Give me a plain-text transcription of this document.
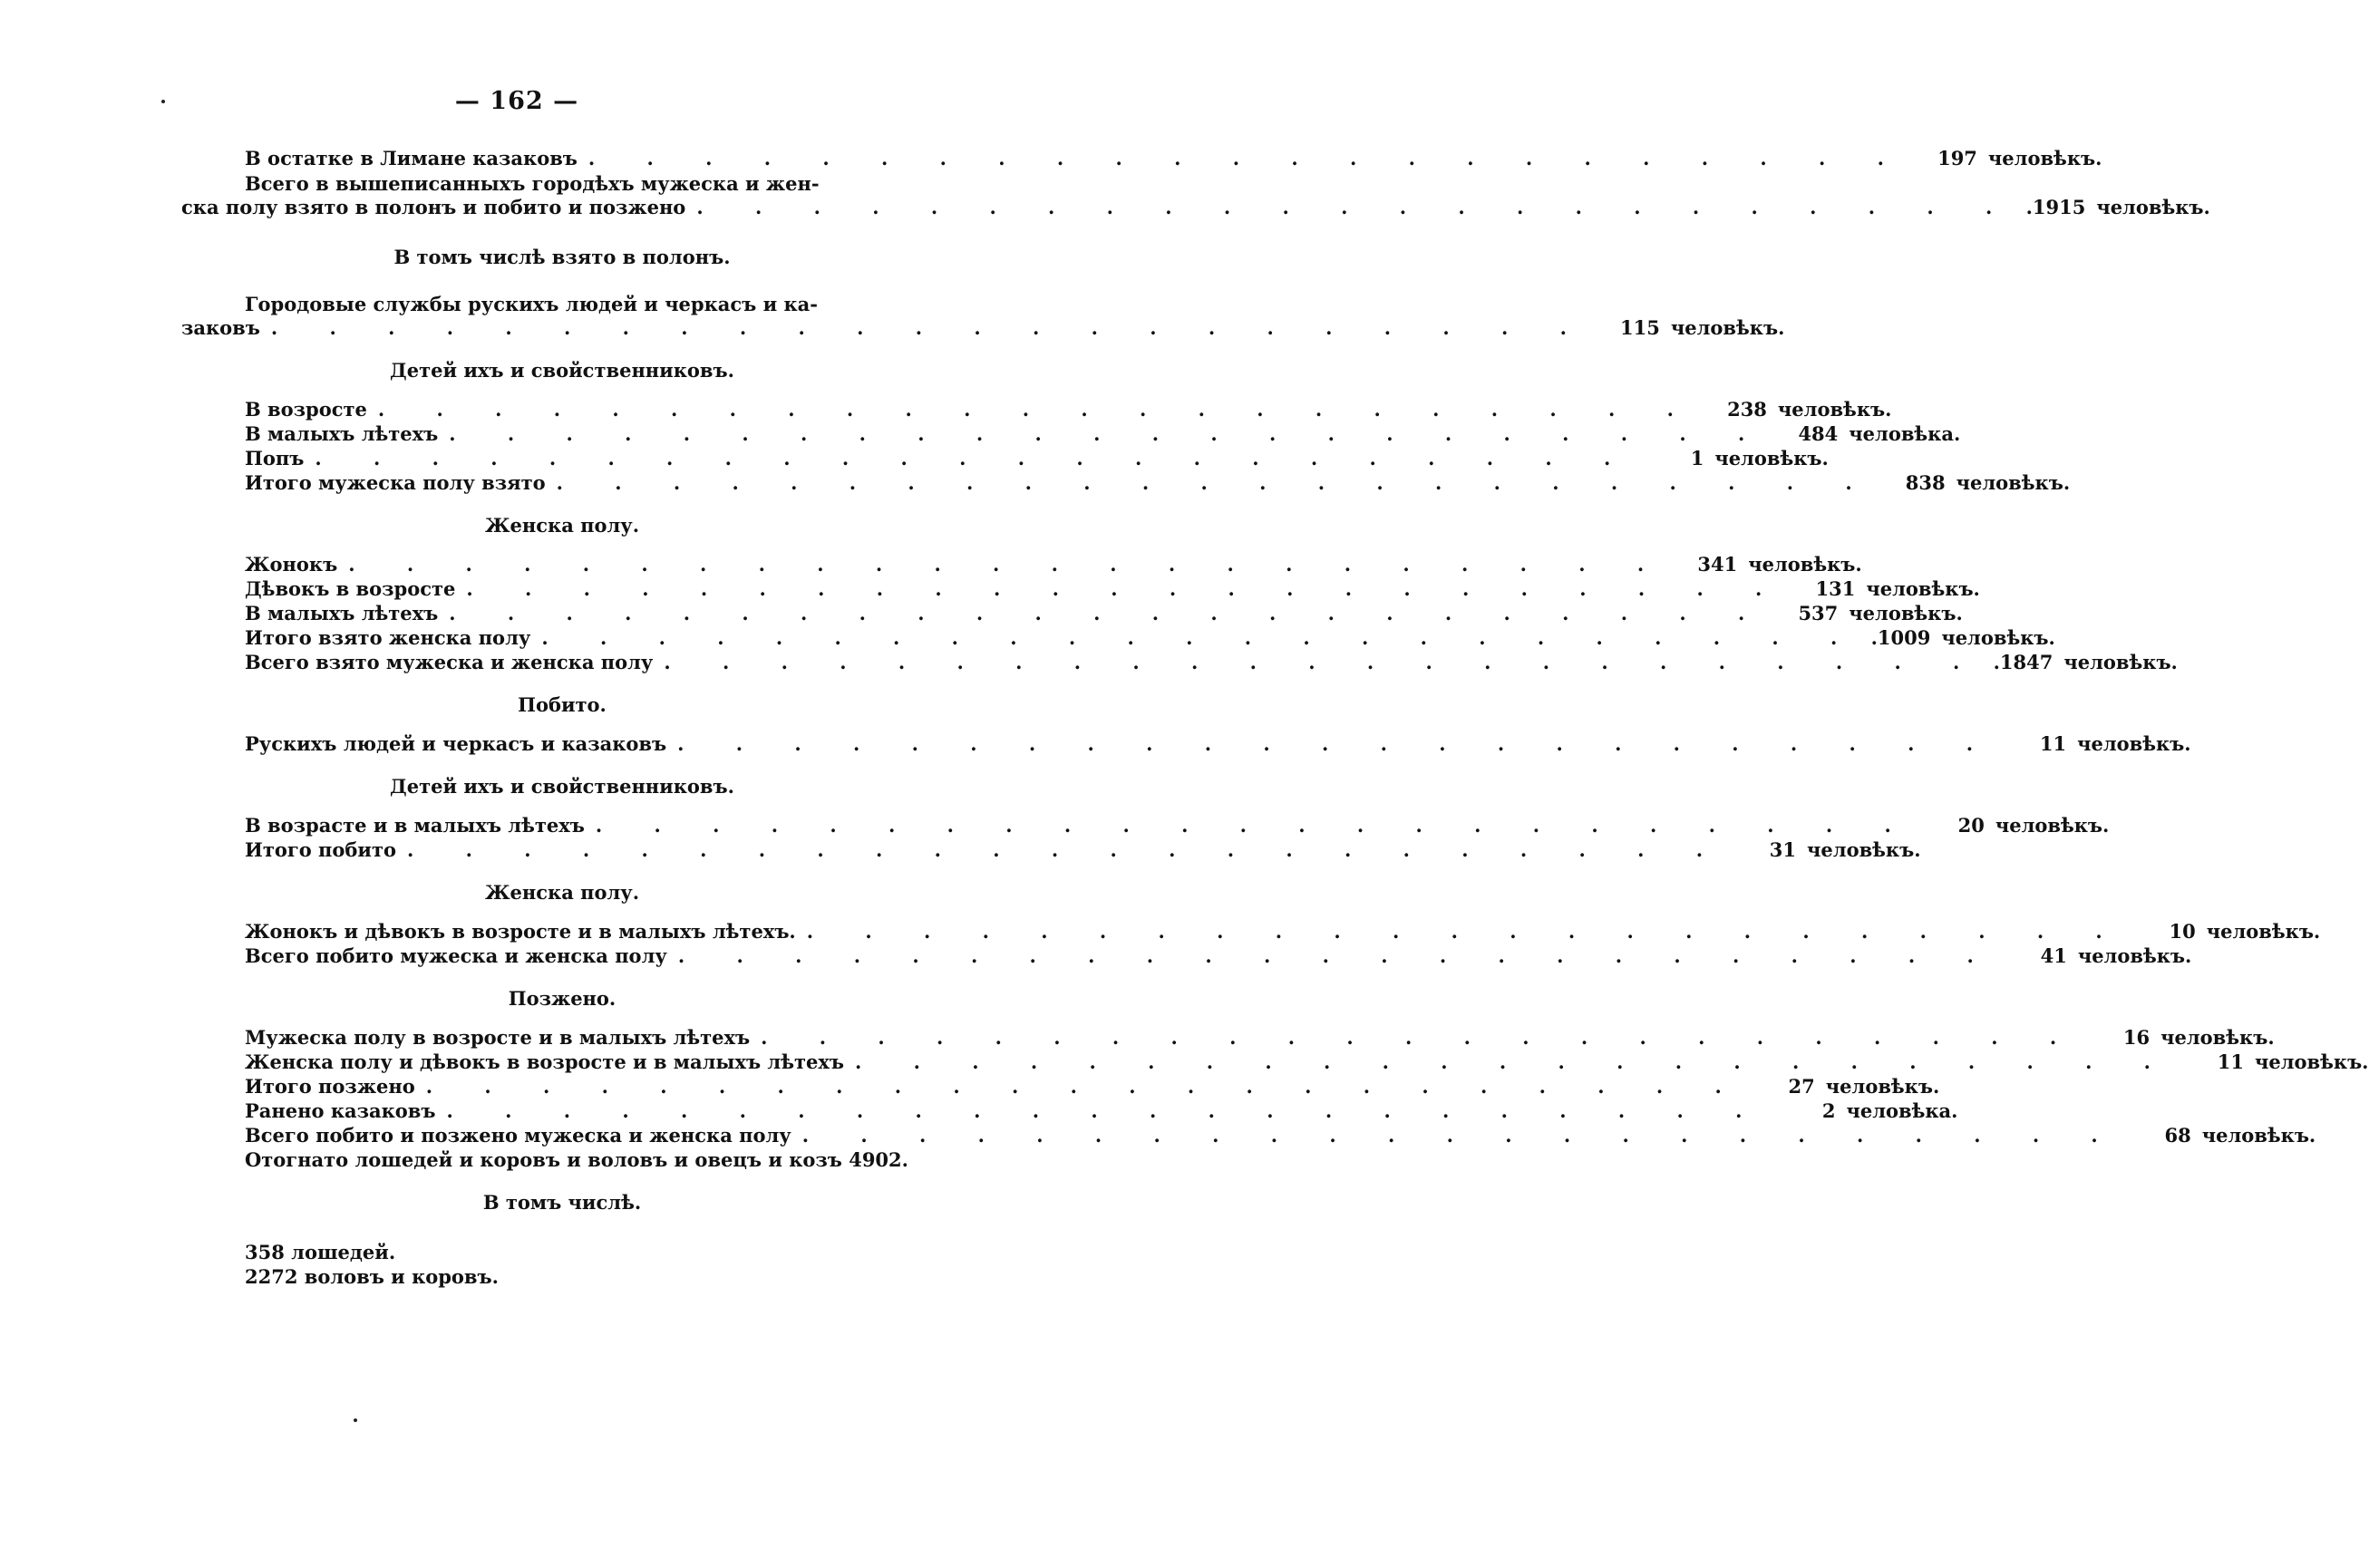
— 162 —
В остатке в Лимане казаковъ . . .	197 человѣкъ.
Всего в вышеписанныхъ городѣхъ мужеска и жен-
ска полу взято в полонъ и побито и позжено . . .	.1915 человѣкъ.
В томъ числѣ взято в полонъ.
Городовые службы рускихъ людей и черкасъ и ка-
заковъ . . .	115 человѣкъ.
Детей ихъ и свойственниковъ.
В возросте . . .	238 человѣкъ.
В малыхъ лѣтехъ . . .	484 человѣка.
Попъ . . .	1 человѣкъ.
Итого мужеска полу взято . . .	838 человѣкъ.
Женска полу.
Жонокъ . . .	341 человѣкъ.
Дѣвокъ в возросте . . .	131 человѣкъ.
В малыхъ лѣтехъ . . .	537 человѣкъ.
Итого взято женска полу . . .	.1009 человѣкъ.
Всего взято мужеска и женска полу . . .	.1847 человѣкъ.
Побито.
Рускихъ людей и черкасъ и казаковъ . . .	11 человѣкъ.
Детей ихъ и свойственниковъ.
В возрасте и в малыхъ лѣтехъ . . .	20 человѣкъ.
Итого побито . . .	31 человѣкъ.
Женска полу.
Жонокъ и дѣвокъ в возросте и в малыхъ лѣтехъ. . . .	10 человѣкъ.
Всего побито мужеска и женска полу . . .	41 человѣкъ.
Позжено.
Мужеска полу в возросте и в малыхъ лѣтехъ . . .	16 человѣкъ.
Женска полу и дѣвокъ в возросте и в малыхъ лѣтехъ . . .	11 человѣкъ.
Итого позжено . . .	27 человѣкъ.
Ранено казаковъ . . .	2 человѣка.
Всего побито и позжено мужеска и женска полу . . .	68 человѣкъ.
Отогнато лошедей и коровъ и воловъ и овецъ и козъ 4902.
В томъ числѣ.
358 лошедей.
2272 воловъ и коровъ.
